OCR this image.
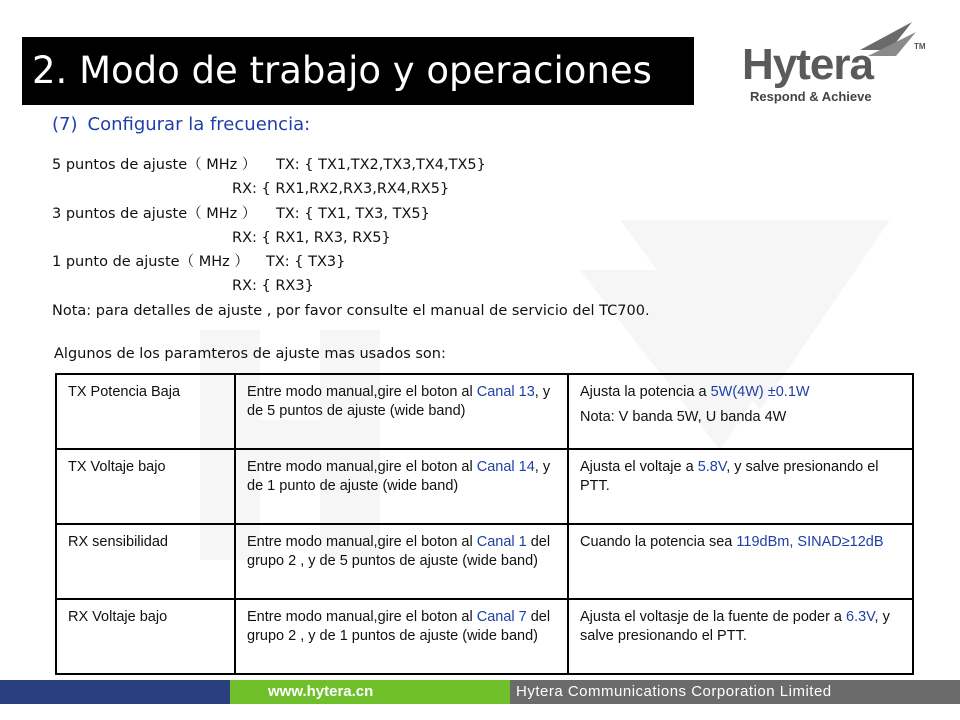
2. Modo de trabajo y operaciones	Hytera	TM
Respond & Achieve
(7) Configurar la frecuencia:
5 puntos de ajuste（ MHz ） TX: { TX1,TX2,TX3,TX4,TX5}
RX: { RX1,RX2,RX3,RX4,RX5}
3 puntos de ajuste（ MHz ） TX: { TX1, TX3, TX5}
RX: { RX1, RX3, RX5}
1 punto de ajuste（ MHz ） TX: { TX3}
RX: { RX3}
Nota: para detalles de ajuste , por favor consulte el manual de servicio del TC700.
Algunos de los paramteros de ajuste mas usados son:
www.hytera.cn	Hytera Communications Corporation Limited
TX Potencia Baja	Entre modo manual,gire el boton al Canal 13, y de 5 puntos de ajuste (wide band)	Ajusta la potencia a 5W(4W) ±0.1W

Nota: V banda 5W, U banda 4W

TX Voltaje bajo	Entre modo manual,gire el boton al Canal 14, y de 1 punto de ajuste (wide band)	Ajusta el voltaje a 5.8V, y salve presionando el PTT.
RX sensibilidad	Entre modo manual,gire el boton al Canal 1 del grupo 2 , y de 5 puntos de ajuste (wide band)	Cuando la potencia sea 119dBm, SINAD≥12dB
RX Voltaje bajo	Entre modo manual,gire el boton al Canal 7 del grupo 2 , y de 1 puntos de ajuste (wide band)	Ajusta el voltasje de la fuente de poder a 6.3V, y salve presionando el PTT.
